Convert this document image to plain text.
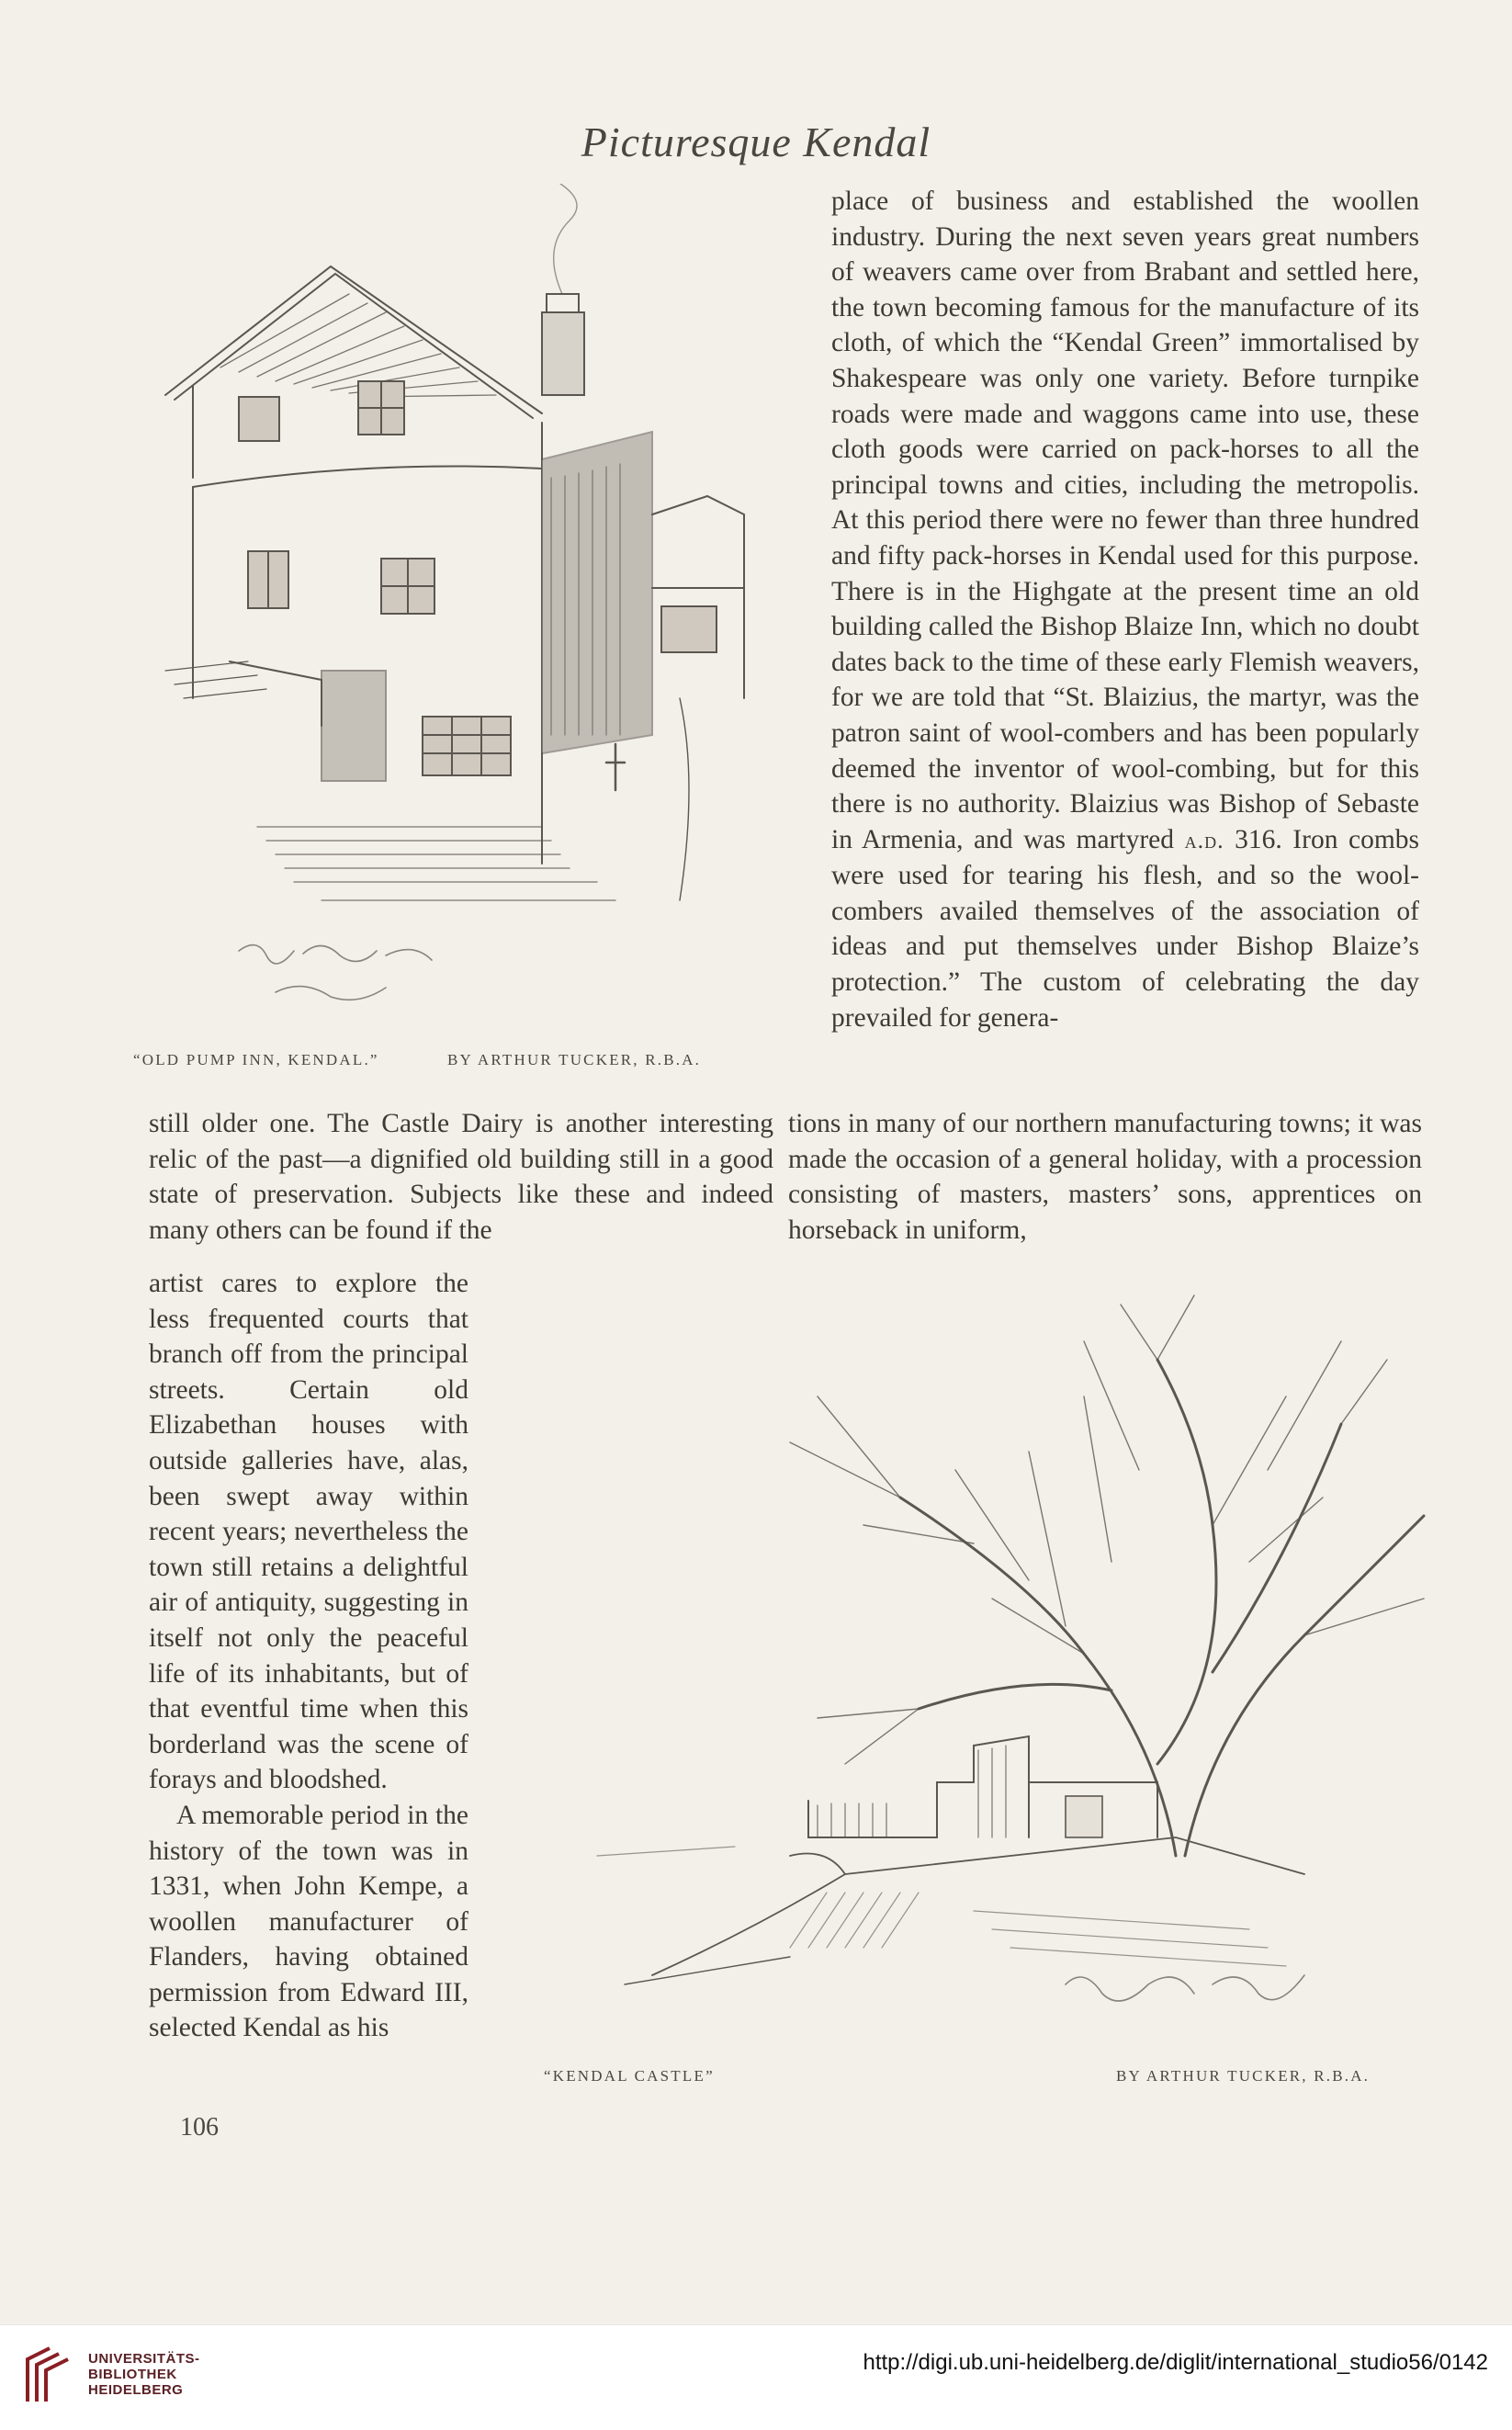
Picturesque Kendal
Old Pump Inn Kendal
“OLD PUMP INN, KENDAL.”	BY ARTHUR TUCKER, R.B.A.

place of business and established the woollen industry. During the next seven years great numbers of weavers came over from Brabant and settled here, the town becoming famous for the manufacture of its cloth, of which the “Kendal Green” immortalised by Shakespeare was only one variety. Before turnpike roads were made and waggons came into use, these cloth goods were carried on pack-horses to all the principal towns and cities, including the metropolis. At this period there were no fewer than three hundred and fifty pack-horses in Kendal used for this purpose. There is in the Highgate at the present time an old building called the Bishop Blaize Inn, which no doubt dates back to the time of these early Flemish weavers, for we are told that “St. Blaizius, the martyr, was the patron saint of wool-combers and has been popularly deemed the inventor of wool-combing, but for this there is no authority. Blaizius was Bishop of Sebaste in Armenia, and was martyred a.d. 316. Iron combs were used for tearing his flesh, and so the wool-combers availed themselves of the association of ideas and put themselves under Bishop Blaize’s protection.” The custom of celebrating the day prevailed for genera-

still older one. The Castle Dairy is another interesting relic of the past—a dignified old building still in a good state of preservation. Subjects like these and indeed many others can be found if the

artist cares to explore the less frequented courts that branch off from the principal streets. Certain old Elizabethan houses with outside galleries have, alas, been swept away within recent years; nevertheless the town still retains a delightful air of antiquity, suggesting in itself not only the peaceful life of its inhabitants, but of that eventful time when this borderland was the scene of forays and bloodshed.

A memorable period in the history of the town was in 1331, when John Kempe, a woollen manufacturer of Flanders, having obtained permission from Edward III, selected Kendal as his

tions in many of our northern manufacturing towns; it was made the occasion of a general holiday, with a procession consisting of masters, masters’ sons, apprentices on horseback in uniform,

Kendal Castle
“KENDAL CASTLE”	BY ARTHUR TUCKER, R.B.A.
106
UNIVERSITÄTS-
BIBLIOTHEK
HEIDELBERG
http://digi.ub.uni-heidelberg.de/diglit/international_studio56/0142
